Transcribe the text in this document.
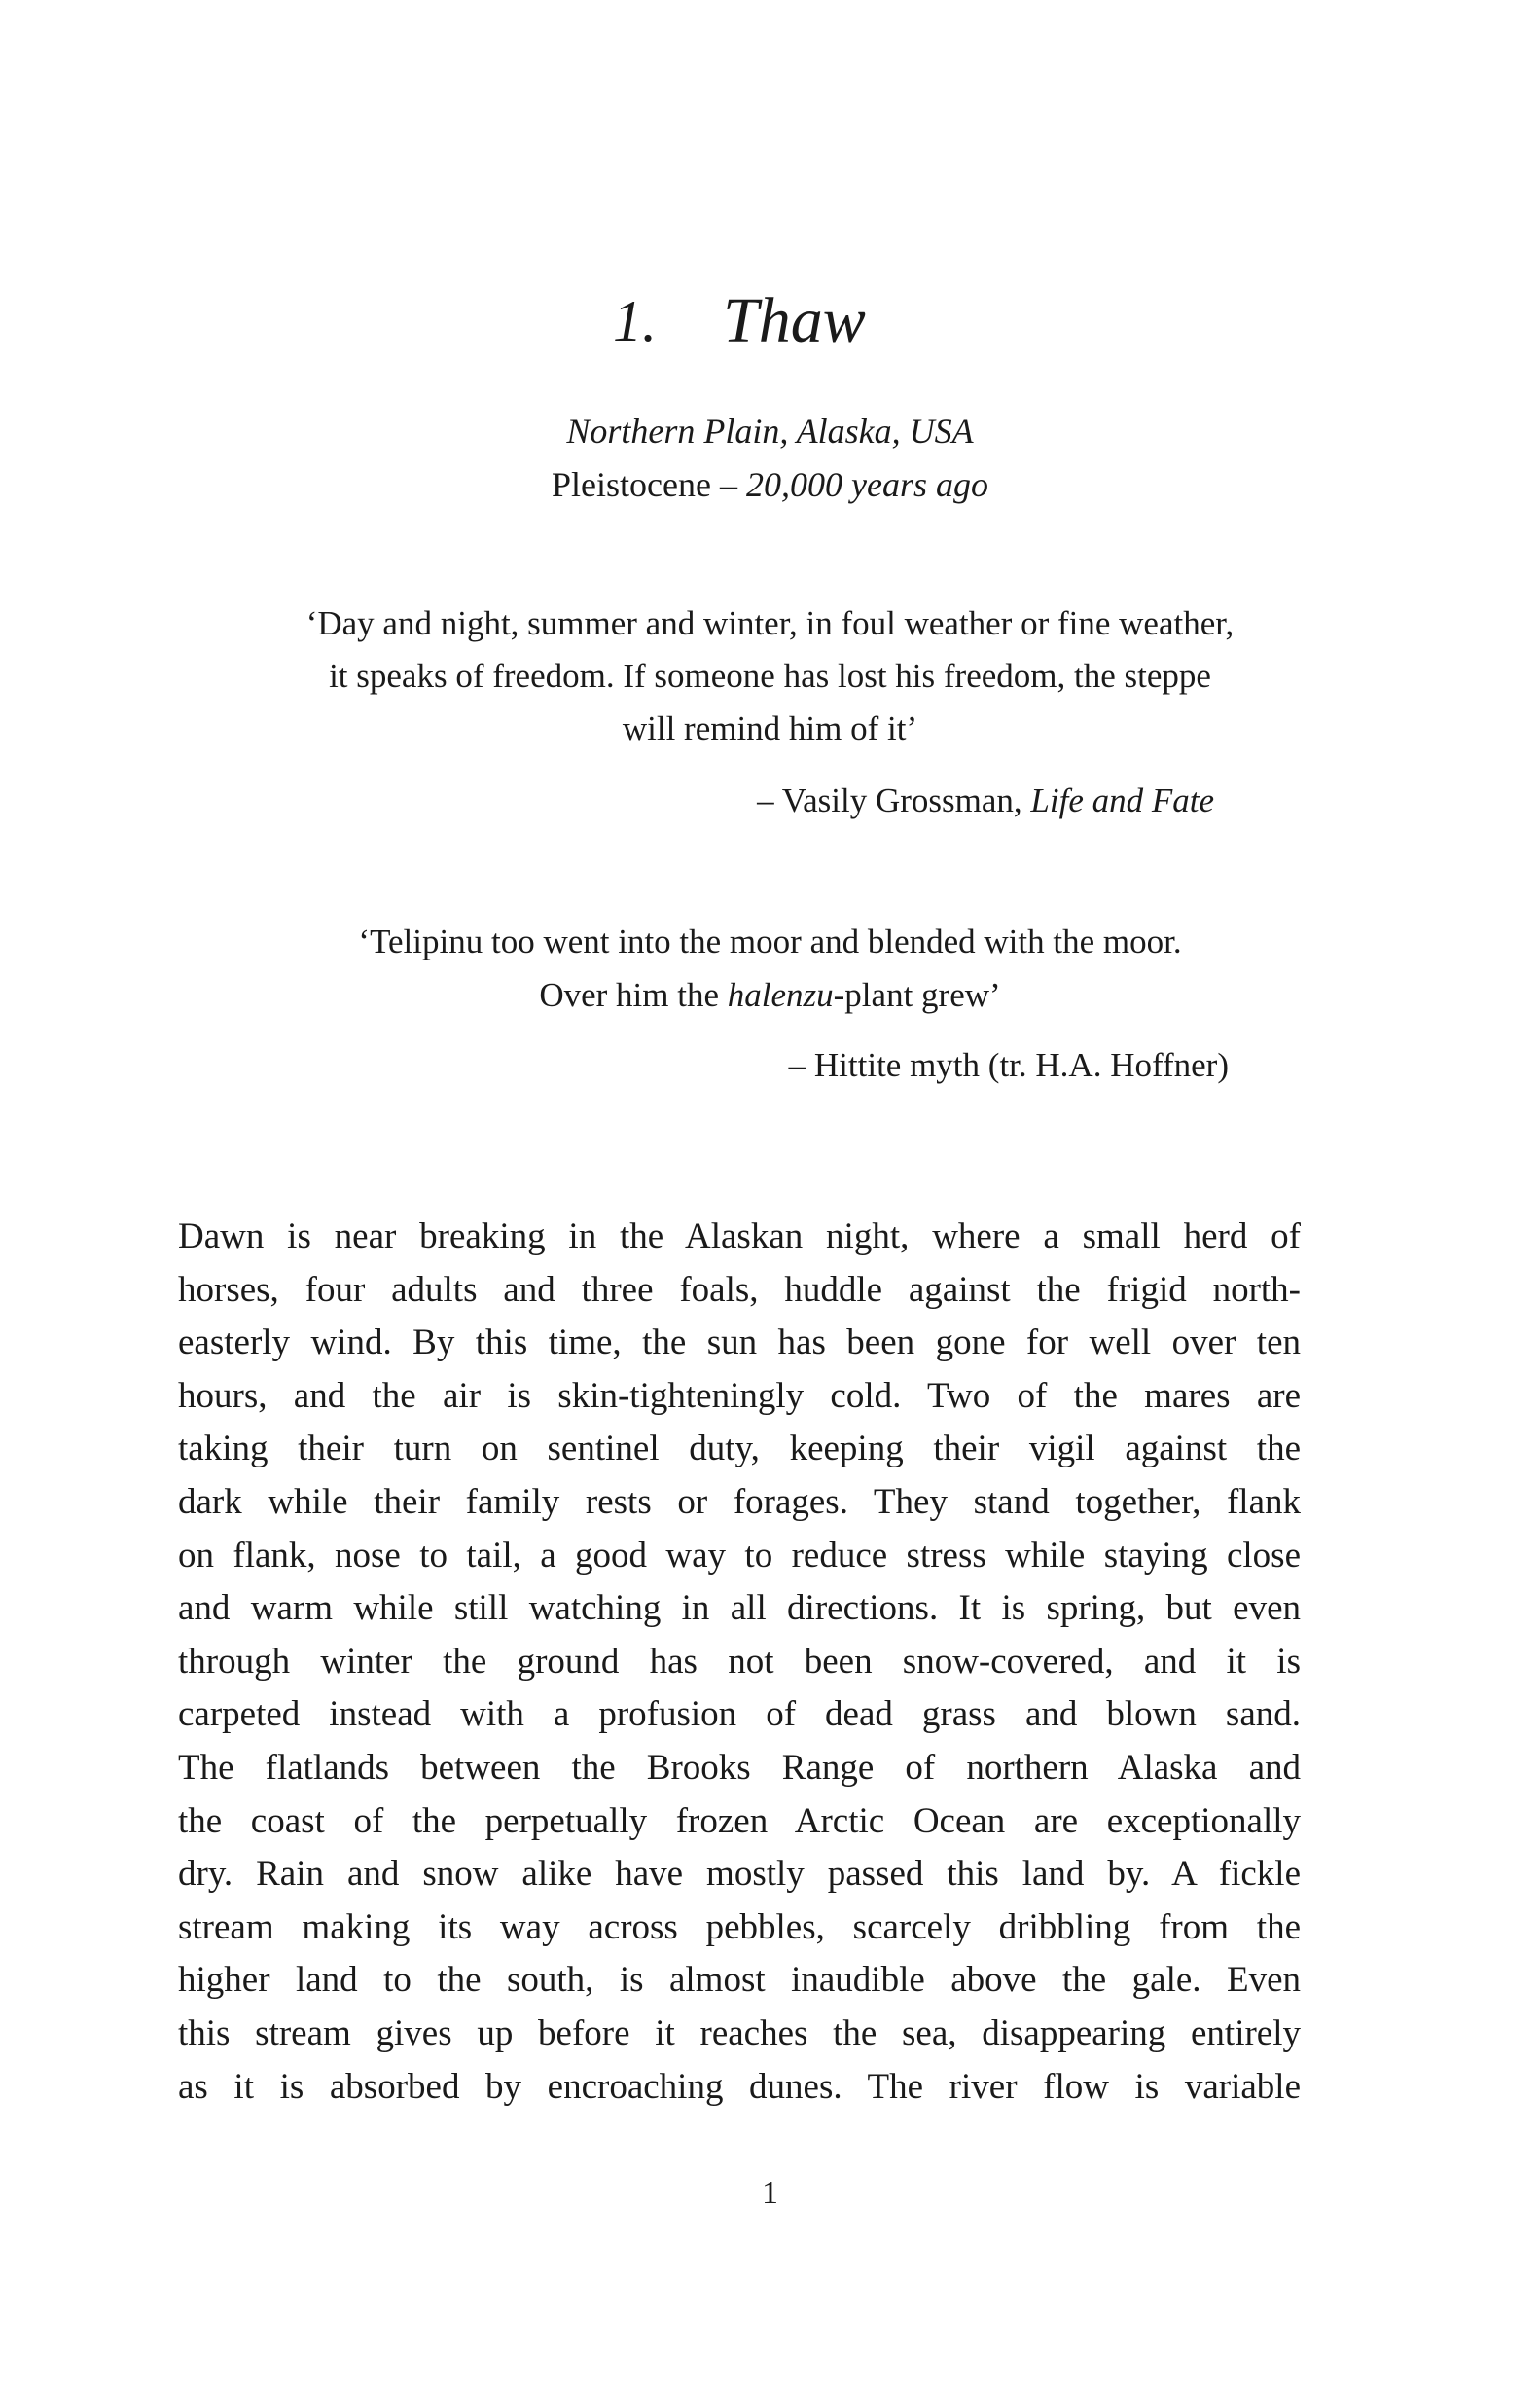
1. Thaw
Northern Plain, Alaska, USA
Pleistocene – 20,000 years ago
‘Day and night, summer and winter, in foul weather or fine weather,
it speaks of freedom. If someone has lost his freedom, the steppe
will remind him of it’
– Vasily Grossman, Life and Fate
‘Telipinu too went into the moor and blended with the moor.
Over him the halenzu-plant grew’
– Hittite myth (tr. H.A. Hoffner)
Dawn is near breaking in the Alaskan night, where a small herd of
horses, four adults and three foals, huddle against the frigid north-
easterly wind. By this time, the sun has been gone for well over ten
hours, and the air is skin-tighteningly cold. Two of the mares are
taking their turn on sentinel duty, keeping their vigil against the
dark while their family rests or forages. They stand together, flank
on flank, nose to tail, a good way to reduce stress while staying close
and warm while still watching in all directions. It is spring, but even
through winter the ground has not been snow-covered, and it is
carpeted instead with a profusion of dead grass and blown sand.
The flatlands between the Brooks Range of northern Alaska and
the coast of the perpetually frozen Arctic Ocean are exceptionally
dry. Rain and snow alike have mostly passed this land by. A fickle
stream making its way across pebbles, scarcely dribbling from the
higher land to the south, is almost inaudible above the gale. Even
this stream gives up before it reaches the sea, disappearing entirely
as it is absorbed by encroaching dunes. The river flow is variable
1
